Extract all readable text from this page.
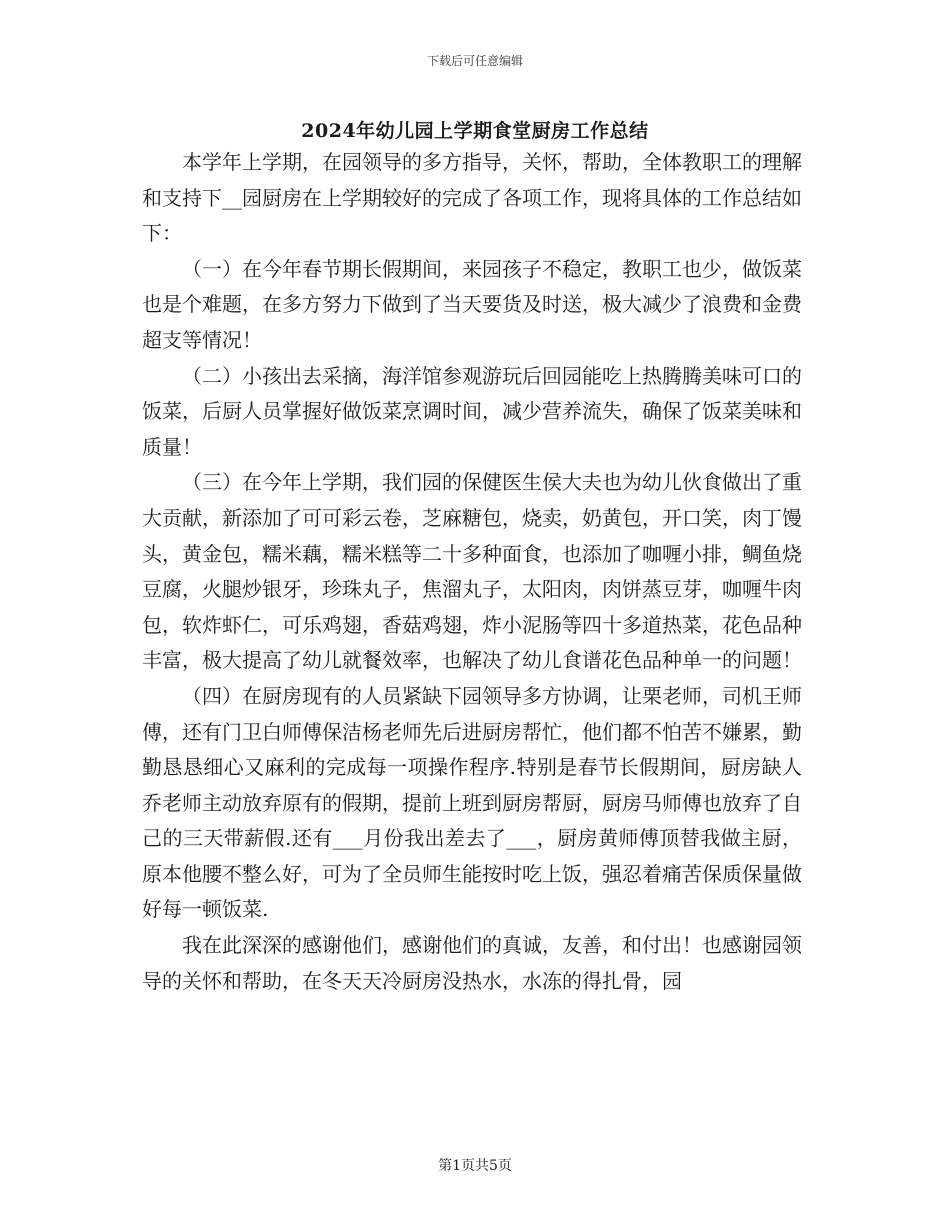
下载后可任意编辑
2024年幼儿园上学期食堂厨房工作总结

本学年上学期，在园领导的多方指导，关怀，帮助，全体教职工的理解和支持下__园厨房在上学期较好的完成了各项工作，现将具体的工作总结如下：

（一）在今年春节期长假期间，来园孩子不稳定，教职工也少，做饭菜也是个难题，在多方努力下做到了当天要货及时送，极大减少了浪费和金费超支等情况！

（二）小孩出去采摘，海洋馆参观游玩后回园能吃上热腾腾美味可口的饭菜，后厨人员掌握好做饭菜烹调时间，减少营养流失，确保了饭菜美味和质量！

（三）在今年上学期，我们园的保健医生侯大夫也为幼儿伙食做出了重大贡献，新添加了可可彩云卷，芝麻糖包，烧卖，奶黄包，开口笑，肉丁馒头，黄金包，糯米藕，糯米糕等二十多种面食，也添加了咖喱小排，鲷鱼烧豆腐，火腿炒银牙，珍珠丸子，焦溜丸子，太阳肉，肉饼蒸豆芽，咖喱牛肉包，软炸虾仁，可乐鸡翅，香菇鸡翅，炸小泥肠等四十多道热菜，花色品种丰富，极大提高了幼儿就餐效率，也解决了幼儿食谱花色品种单一的问题！

（四）在厨房现有的人员紧缺下园领导多方协调，让栗老师，司机王师傅，还有门卫白师傅保洁杨老师先后进厨房帮忙，他们都不怕苦不嫌累，勤勤恳恳细心又麻利的完成每一项操作程序.特别是春节长假期间，厨房缺人乔老师主动放弃原有的假期，提前上班到厨房帮厨，厨房马师傅也放弃了自己的三天带薪假.还有___月份我出差去了___，厨房黄师傅顶替我做主厨，原本他腰不整么好，可为了全员师生能按时吃上饭，强忍着痛苦保质保量做好每一顿饭菜.

我在此深深的感谢他们，感谢他们的真诚，友善，和付出！也感谢园领导的关怀和帮助，在冬天天冷厨房没热水，水冻的得扎骨，园

第1页共5页
